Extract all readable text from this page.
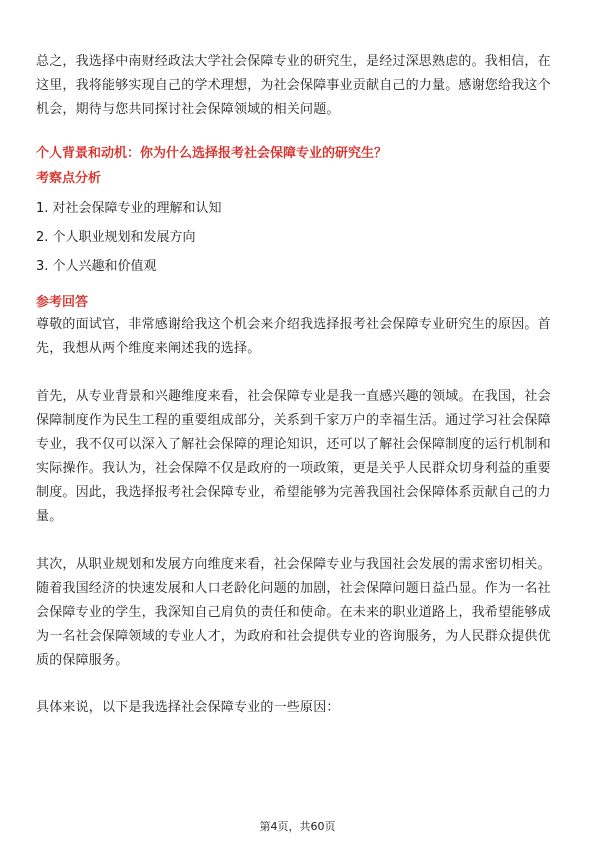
总之，我选择中南财经政法大学社会保障专业的研究生，是经过深思熟虑的。我相信，在这里，我将能够实现自己的学术理想，为社会保障事业贡献自己的力量。感谢您给我这个机会，期待与您共同探讨社会保障领域的相关问题。

个人背景和动机：你为什么选择报考社会保障专业的研究生？

考察点分析

1. 对社会保障专业的理解和认知
2. 个人职业规划和发展方向
3. 个人兴趣和价值观

参考回答

尊敬的面试官，非常感谢给我这个机会来介绍我选择报考社会保障专业研究生的原因。首先，我想从两个维度来阐述我的选择。

首先，从专业背景和兴趣维度来看，社会保障专业是我一直感兴趣的领域。在我国，社会保障制度作为民生工程的重要组成部分，关系到千家万户的幸福生活。通过学习社会保障专业，我不仅可以深入了解社会保障的理论知识，还可以了解社会保障制度的运行机制和实际操作。我认为，社会保障不仅是政府的一项政策，更是关乎人民群众切身利益的重要制度。因此，我选择报考社会保障专业，希望能够为完善我国社会保障体系贡献自己的力量。

其次，从职业规划和发展方向维度来看，社会保障专业与我国社会发展的需求密切相关。随着我国经济的快速发展和人口老龄化问题的加剧，社会保障问题日益凸显。作为一名社会保障专业的学生，我深知自己肩负的责任和使命。在未来的职业道路上，我希望能够成为一名社会保障领域的专业人才，为政府和社会提供专业的咨询服务，为人民群众提供优质的保障服务。

具体来说，以下是我选择社会保障专业的一些原因：

第4页，共60页
